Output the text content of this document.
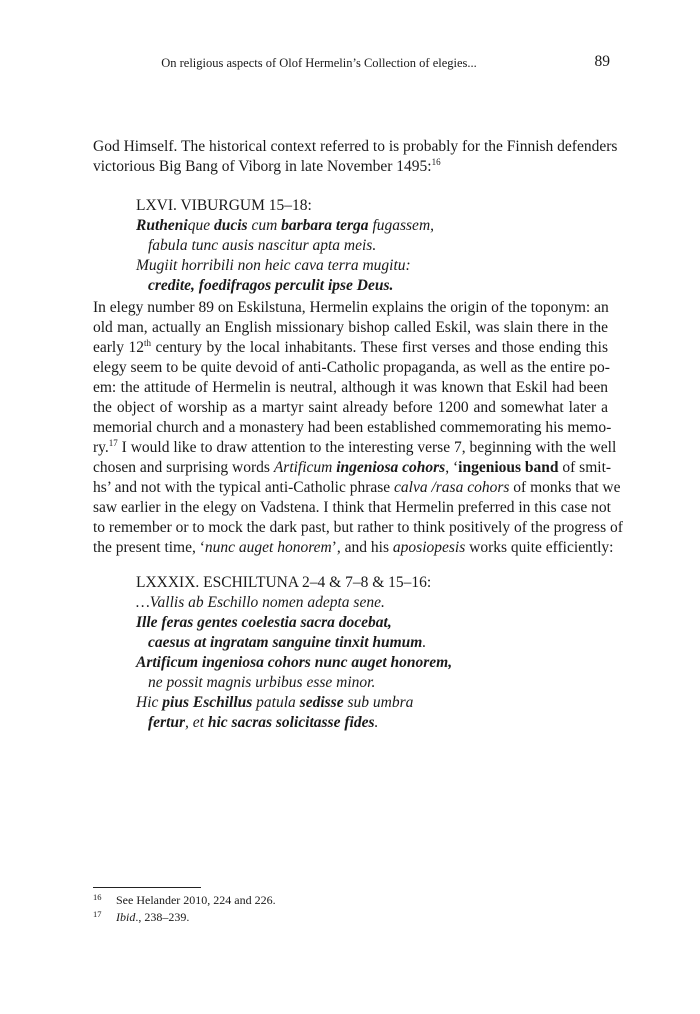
On religious aspects of Olof Hermelin’s Collection of elegies...	89
God Himself. The historical context referred to is probably for the Finnish defenders
victorious Big Bang of Viborg in late November 1495:$^{16}$
LXVI. VIBURGUM 15–18:
Ruthenique ducis cum barbara terga fugassem,
fabula tunc ausis nascitur apta meis.
Mugiit horribili non heic cava terra mugitu:
credite, foedifragos perculit ipse Deus.
In elegy number 89 on Eskilstuna, Hermelin explains the origin of the toponym: an
old man, actually an English missionary bishop called Eskil, was slain there in the
early 12th century by the local inhabitants. These first verses and those ending this
elegy seem to be quite devoid of anti-Catholic propaganda, as well as the entire po-
em: the attitude of Hermelin is neutral, although it was known that Eskil had been
the object of worship as a martyr saint already before 1200 and somewhat later a
memorial church and a monastery had been established commemorating his memo-
ry.$^{17}$ I would like to draw attention to the interesting verse 7, beginning with the well
chosen and surprising words Artificum ingeniosa cohors, ‘ingenious band of smit-
hs’ and not with the typical anti-Catholic phrase calva /rasa cohors of monks that we
saw earlier in the elegy on Vadstena. I think that Hermelin preferred in this case not
to remember or to mock the dark past, but rather to think positively of the progress of
the present time, ‘nunc auget honorem’, and his aposiopesis works quite efficiently:
LXXXIX. ESCHILTUNA 2–4 & 7–8 & 15–16:
…Vallis ab Eschillo nomen adepta sene.
Ille feras gentes coelestia sacra docebat,
caesus at ingratam sanguine tinxit humum.
Artificum ingeniosa cohors nunc auget honorem,
ne possit magnis urbibus esse minor.
Hic pius Eschillus patula sedisse sub umbra
fertur, et hic sacras solicitasse fides.
16 See Helander 2010, 224 and 226.
17 Ibid., 238–239.
